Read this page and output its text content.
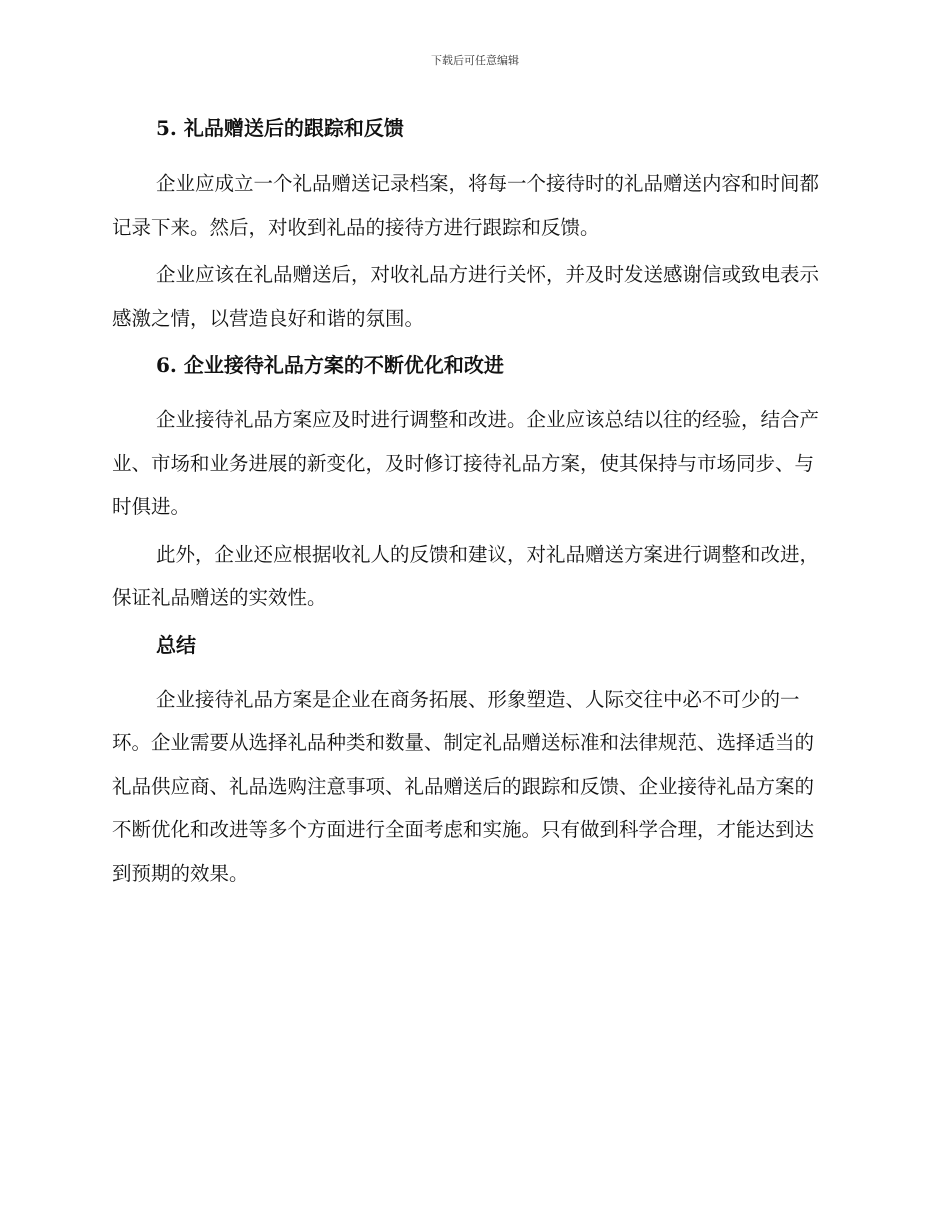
下载后可任意编辑
5. 礼品赠送后的跟踪和反馈

企业应成立一个礼品赠送记录档案，将每一个接待时的礼品赠送内容和时间都记录下来。然后，对收到礼品的接待方进行跟踪和反馈。

企业应该在礼品赠送后，对收礼品方进行关怀，并及时发送感谢信或致电表示感激之情，以营造良好和谐的氛围。

6. 企业接待礼品方案的不断优化和改进

企业接待礼品方案应及时进行调整和改进。企业应该总结以往的经验，结合产业、市场和业务进展的新变化，及时修订接待礼品方案，使其保持与市场同步、与时俱进。

此外，企业还应根据收礼人的反馈和建议，对礼品赠送方案进行调整和改进，保证礼品赠送的实效性。

总结

企业接待礼品方案是企业在商务拓展、形象塑造、人际交往中必不可少的一环。企业需要从选择礼品种类和数量、制定礼品赠送标准和法律规范、选择适当的礼品供应商、礼品选购注意事项、礼品赠送后的跟踪和反馈、企业接待礼品方案的不断优化和改进等多个方面进行全面考虑和实施。只有做到科学合理，才能达到达到预期的效果。
